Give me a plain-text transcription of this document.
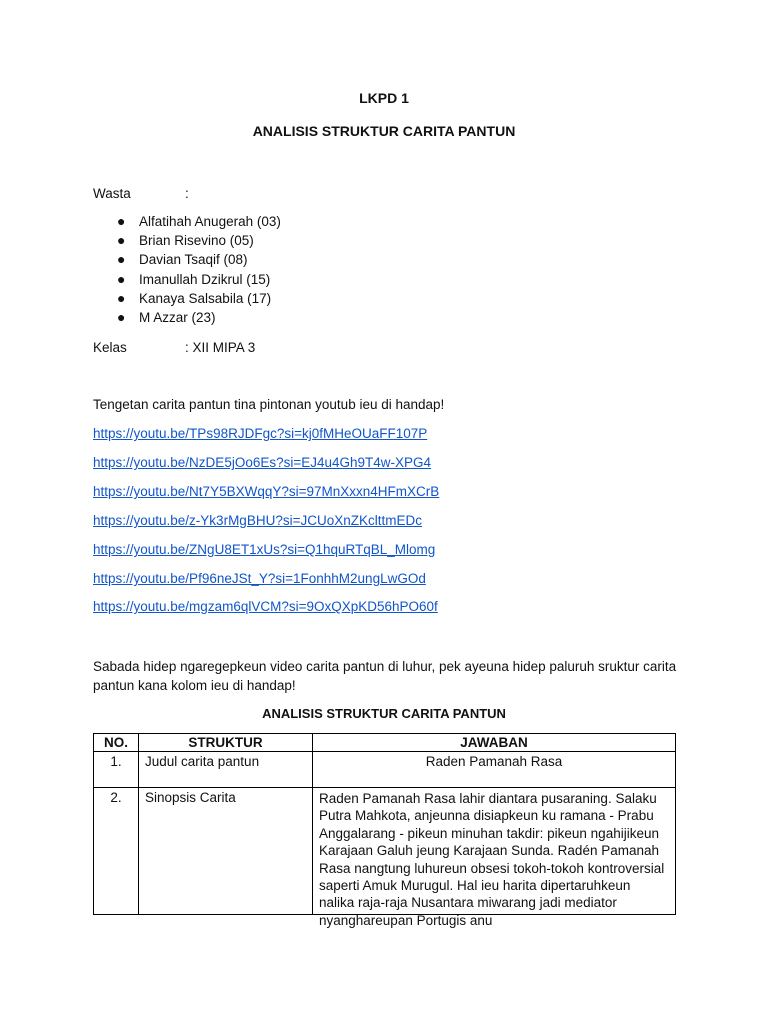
LKPD 1
ANALISIS STRUKTUR CARITA PANTUN
Wasta	:
● Alfatihah Anugerah (03)
● Brian Risevino (05)
● Davian Tsaqif (08)
● Imanullah Dzikrul (15)
● Kanaya Salsabila (17)
● M Azzar (23)
Kelas	: XII MIPA 3
Tengetan carita pantun tina pintonan youtub ieu di handap!
https://youtu.be/TPs98RJDFgc?si=kj0fMHeOUaFF107P
https://youtu.be/NzDE5jOo6Es?si=EJ4u4Gh9T4w-XPG4
https://youtu.be/Nt7Y5BXWqqY?si=97MnXxxn4HFmXCrB
https://youtu.be/z-Yk3rMgBHU?si=JCUoXnZKclttmEDc
https://youtu.be/ZNgU8ET1xUs?si=Q1hquRTqBL_Mlomg
https://youtu.be/Pf96neJSt_Y?si=1FonhhM2ungLwGOd
https://youtu.be/mgzam6qlVCM?si=9OxQXpKD56hPO60f
Sabada hidep ngaregepkeun video carita pantun di luhur, pek ayeuna hidep paluruh sruktur carita pantun kana kolom ieu di handap!
ANALISIS STRUKTUR CARITA PANTUN
NO.	STRUKTUR	JAWABAN
1.	Judul carita pantun	Raden Pamanah Rasa
2.	Sinopsis Carita	Raden Pamanah Rasa lahir diantara pusaraning. Salaku Putra Mahkota, anjeunna disiapkeun ku ramana - Prabu Anggalarang - pikeun minuhan takdir: pikeun ngahijikeun Karajaan Galuh jeung Karajaan Sunda. Radén Pamanah Rasa nangtung luhureun obsesi tokoh-tokoh kontroversial saperti Amuk Murugul. Hal ieu harita dipertaruhkeun nalika raja-raja Nusantara miwarang jadi mediator nyanghareupan Portugis anu
